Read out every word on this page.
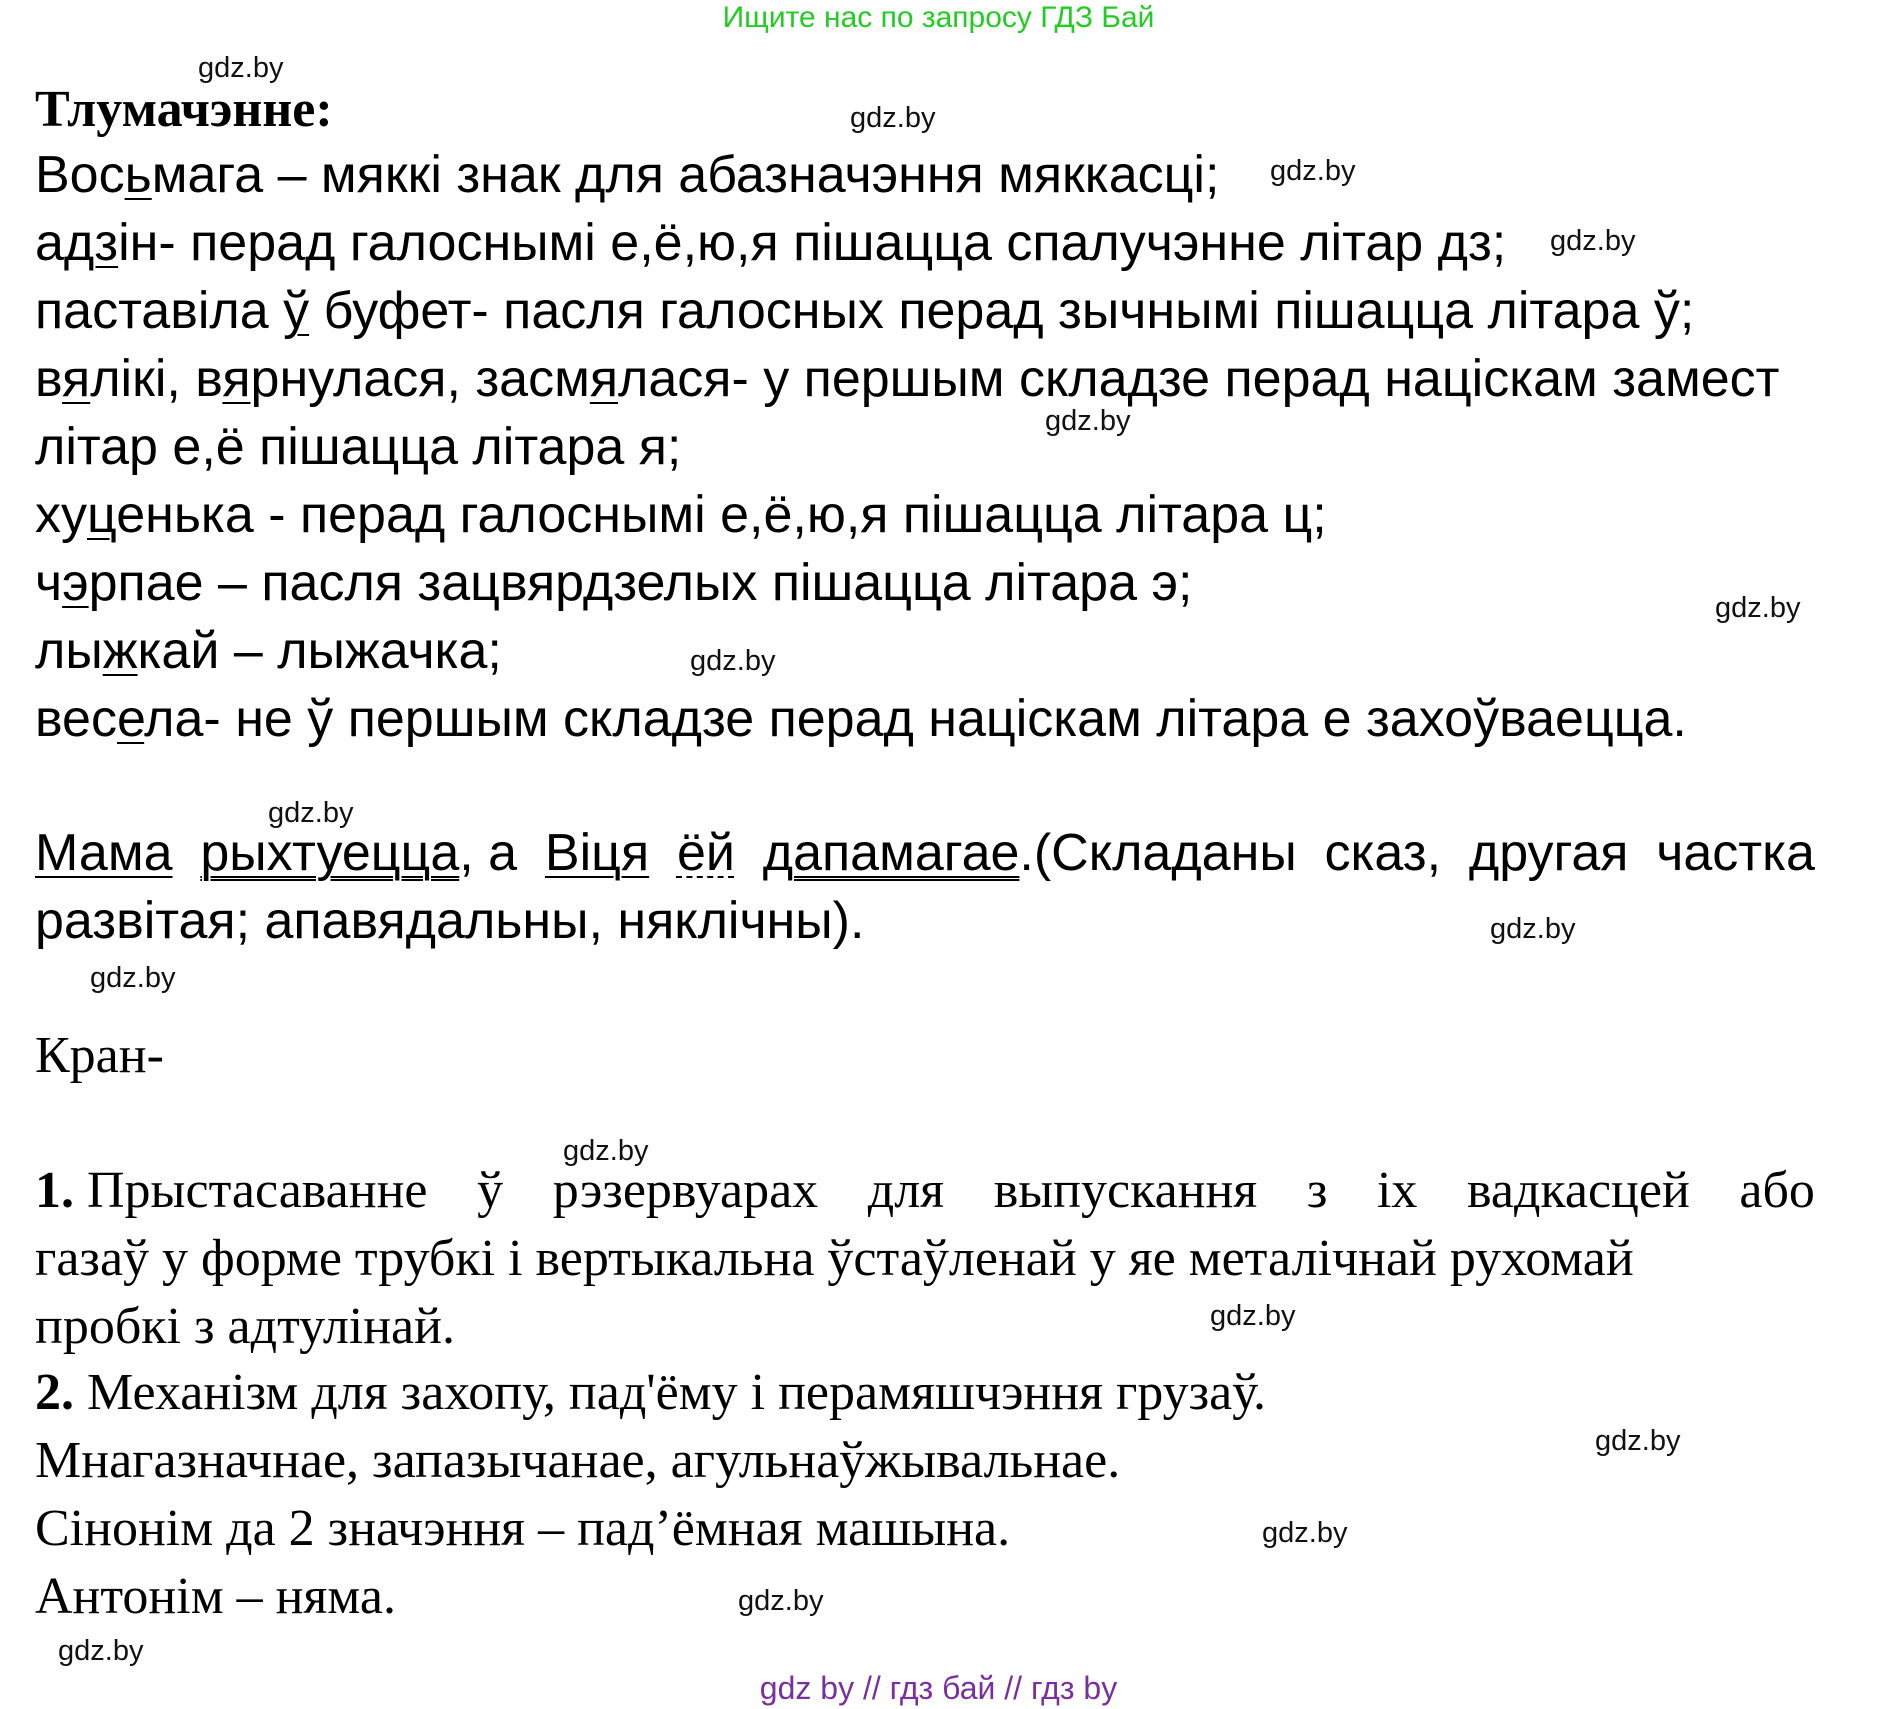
Ищите нас по запросу ГДЗ Бай
gdz.by
gdz.by
gdz.by
gdz.by
gdz.by
gdz.by
gdz.by
gdz.by
gdz.by
gdz.by
gdz.by
gdz.by
gdz.by
gdz.by
gdz.by
gdz.by
Тлумачэнне:
Восьмага – мяккі знак для абазначэння мяккасці;
адзін- перад галоснымі е,ё,ю,я пішацца спалучэнне літар дз;
паставіла ў буфет- пасля галосных перад зычнымі пішацца літара ў;
вялікі, вярнулася, засмялася- у першым складзе перад націскам замест
літар е,ё пішацца літара я;
хуценька - перад галоснымі е,ё,ю,я пішацца літара ц;
чэрпае – пасля зацвярдзелых пішацца літара э;
лыжкай – лыжачка;
весела- не ў першым складзе перад націскам літара е захоўваецца.
Мама рыхтуецца, а Віця ёй дапамагае.(Складаны сказ, другая частка
развітая; апавядальны, няклічны).
Кран-
1. Прыстасаванне ў рэзервуарах для выпускання з іх вадкасцей або
газаў у форме трубкі і вертыкальна ўстаўленай у яе металічнай рухомай
пробкі з адтулінай.
2. Механізм для захопу, пад'ёму і перамяшчэння грузаў.
Мнагазначнае, запазычанае, агульнаўжывальнае.
Сінонім да 2 значэння – пад’ёмная машына.
Антонім – няма.
gdz by // гдз бай // гдз by
